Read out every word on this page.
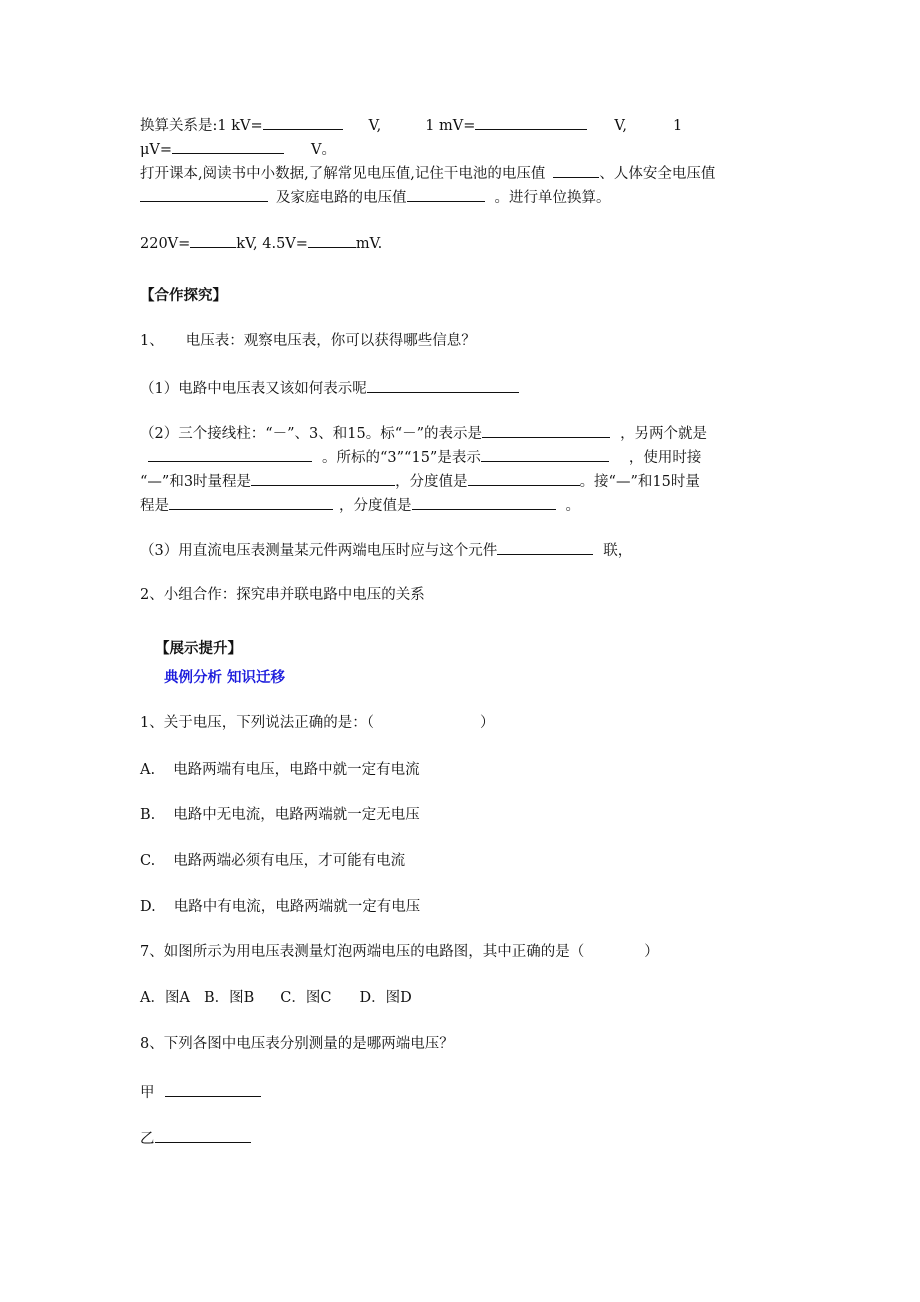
换算关系是:1 kV=	V,	1 mV=	V,	1
μV=	V。
打开课本,阅读书中小数据,了解常见电压值,记住干电池的电压值	、人体安全电压值
及家庭电路的电压值	。进行单位换算。
220V=	kV, 4.5V=	mV.
【合作探究】
1、 电压表：观察电压表，你可以获得哪些信息？
（1）电路中电压表又该如何表示呢
（2）三个接线柱：“－”、3、和15。标“－”的表示是	，另两个就是
。所标的“3”“15”是表示	，使用时接
“—”和3时量程是	，分度值是	。接“—”和15时量
程是	，分度值是	。
（3）用直流电压表测量某元件两端电压时应与这个元件	联，
2、小组合作：探究串并联电路中电压的关系
【展示提升】
典例分析 知识迁移
1、关于电压，下列说法正确的是：（	）
A. 电路两端有电压，电路中就一定有电流
B. 电路中无电流，电路两端就一定无电压
C. 电路两端必须有电压，才可能有电流
D. 电路中有电流，电路两端就一定有电压
7、如图所示为用电压表测量灯泡两端电压的电路图，其中正确的是（	）
A．图A B．图B C．图C D．图D
8、下列各图中电压表分别测量的是哪两端电压？
甲
乙
